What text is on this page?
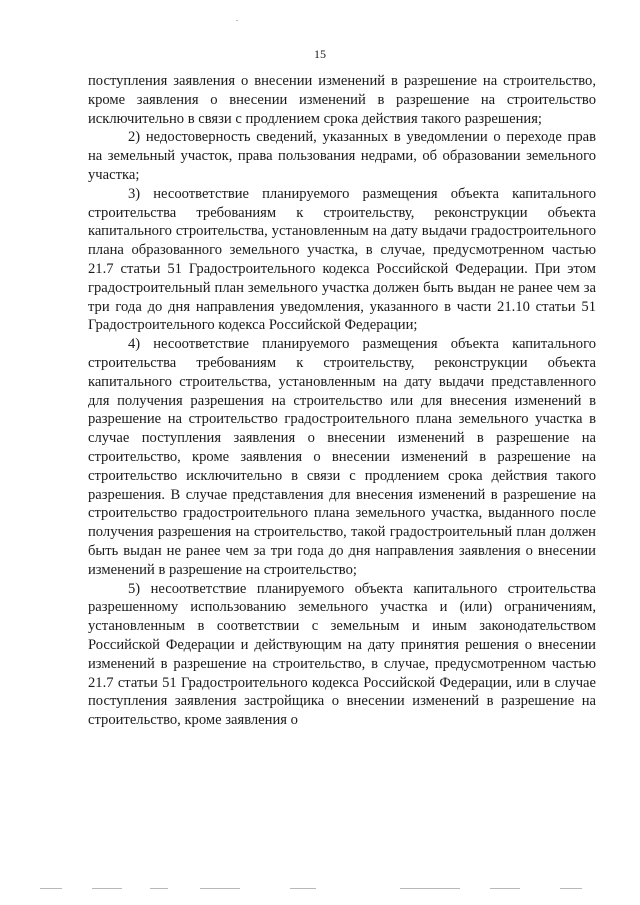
15

поступления заявления о внесении изменений в разрешение на строительство, кроме заявления о внесении изменений в разрешение на строительство исключительно в связи с продлением срока действия такого разрешения;

2) недостоверность сведений, указанных в уведомлении о переходе прав на земельный участок, права пользования недрами, об образовании земельного участка;

3) несоответствие планируемого размещения объекта капитального строительства требованиям к строительству, реконструкции объекта капитального строительства, установленным на дату выдачи градостроительного плана образованного земельного участка, в случае, предусмотренном частью 21.7 статьи 51 Градостроительного кодекса Российской Федерации. При этом градостроительный план земельного участка должен быть выдан не ранее чем за три года до дня направления уведомления, указанного в части 21.10 статьи 51 Градостроительного кодекса Российской Федерации;

4) несоответствие планируемого размещения объекта капитального строительства требованиям к строительству, реконструкции объекта капитального строительства, установленным на дату выдачи представленного для получения разрешения на строительство или для внесения изменений в разрешение на строительство градостроительного плана земельного участка в случае поступления заявления о внесении изменений в разрешение на строительство, кроме заявления о внесении изменений в разрешение на строительство исключительно в связи с продлением срока действия такого разрешения. В случае представления для внесения изменений в разрешение на строительство градостроительного плана земельного участка, выданного после получения разрешения на строительство, такой градостроительный план должен быть выдан не ранее чем за три года до дня направления заявления о внесении изменений в разрешение на строительство;

5) несоответствие планируемого объекта капитального строительства разрешенному использованию земельного участка и (или) ограничениям, установленным в соответствии с земельным и иным законодательством Российской Федерации и действующим на дату принятия решения о внесении изменений в разрешение на строительство, в случае, предусмотренном частью 21.7 статьи 51 Градостроительного кодекса Российской Федерации, или в случае поступления заявления застройщика о внесении изменений в разрешение на строительство, кроме заявления о
